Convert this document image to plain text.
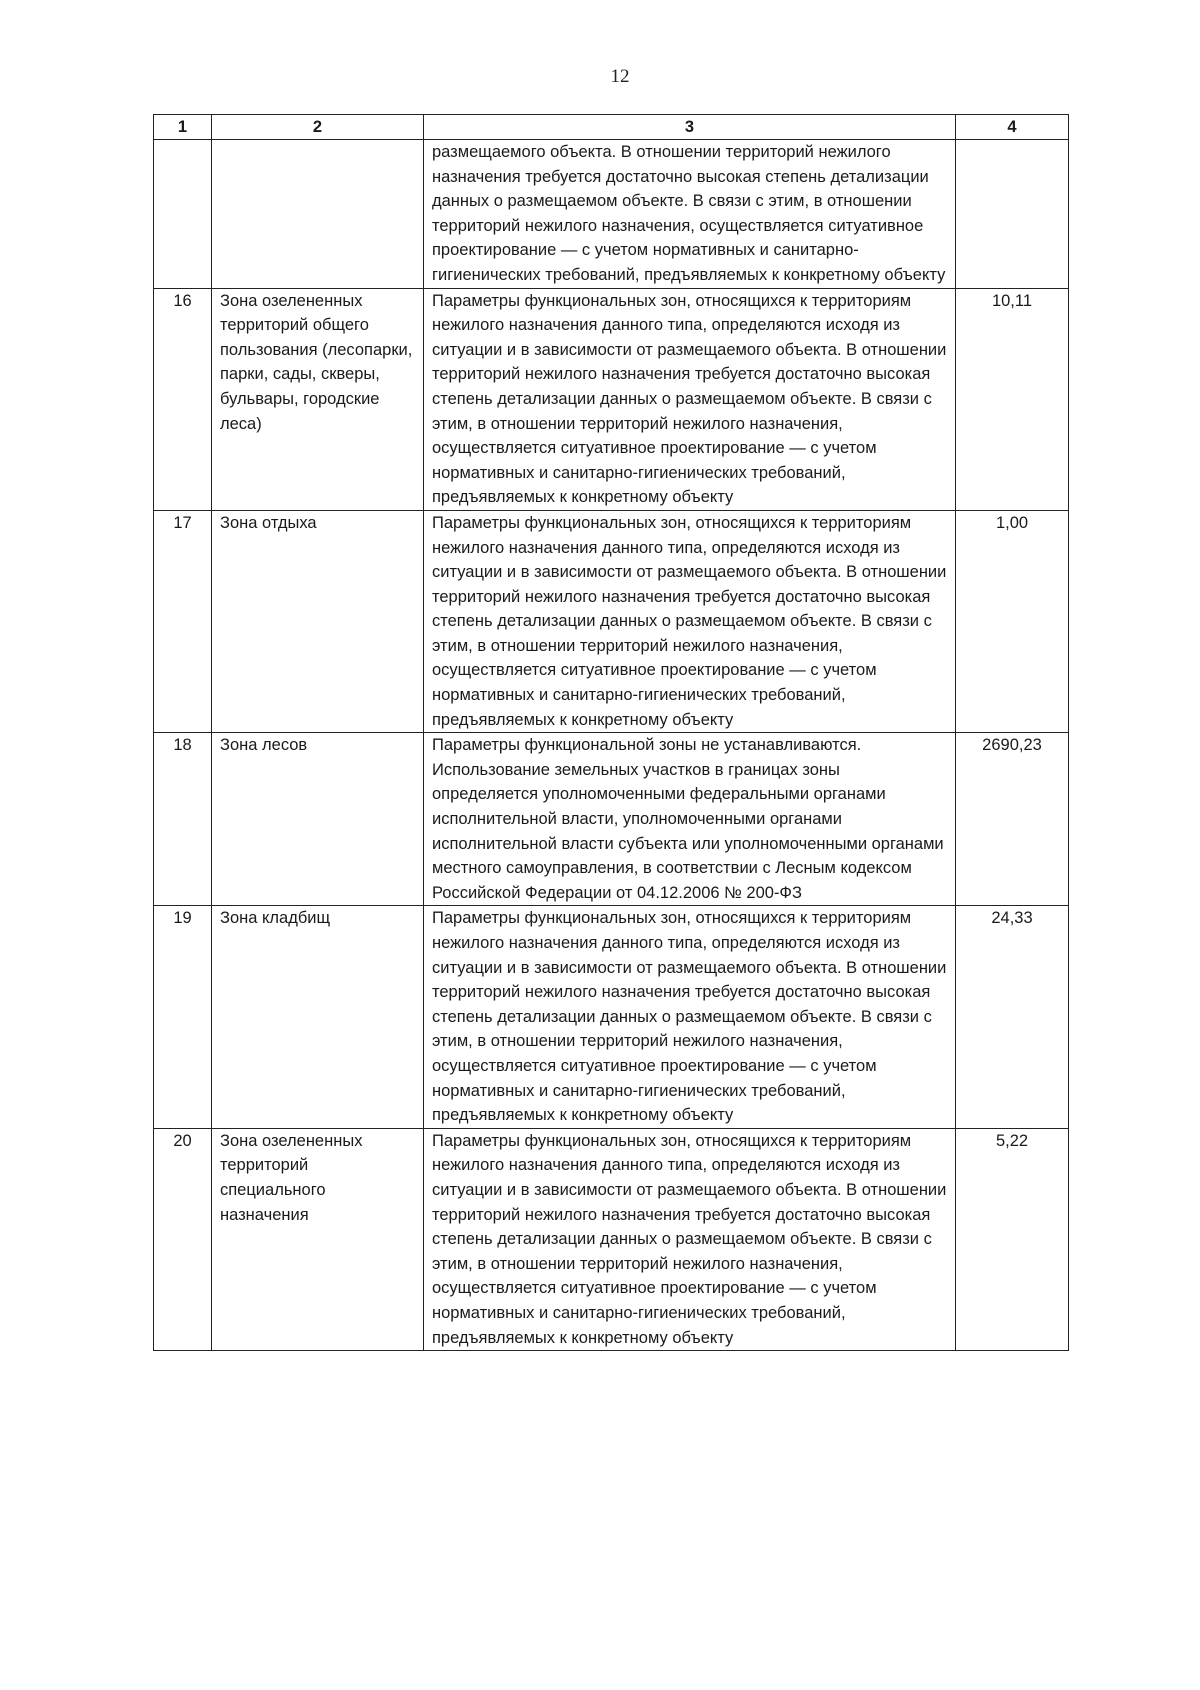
12
1	2	3	4
		размещаемого объекта. В отношении территорий нежилого назначения требуется достаточно высокая степень детализации данных о размещаемом объекте. В связи с этим, в отношении территорий нежилого назначения, осуществляется ситуативное проектирование — с учетом нормативных и санитарно-гигиенических требований, предъявляемых к конкретному объекту	
16	Зона озелененных территорий общего пользования (лесопарки, парки, сады, скверы, бульвары, городские леса)	Параметры функциональных зон, относящихся к территориям нежилого назначения данного типа, определяются исходя из ситуации и в зависимости от размещаемого объекта. В отношении территорий нежилого назначения требуется достаточно высокая степень детализации данных о размещаемом объекте. В связи с этим, в отношении территорий нежилого назначения, осуществляется ситуативное проектирование — с учетом нормативных и санитарно-гигиенических требований, предъявляемых к конкретному объекту	10,11
17	Зона отдыха	Параметры функциональных зон, относящихся к территориям нежилого назначения данного типа, определяются исходя из ситуации и в зависимости от размещаемого объекта. В отношении территорий нежилого назначения требуется достаточно высокая степень детализации данных о размещаемом объекте. В связи с этим, в отношении территорий нежилого назначения, осуществляется ситуативное проектирование — с учетом нормативных и санитарно-гигиенических требований, предъявляемых к конкретному объекту	1,00
18	Зона лесов	Параметры функциональной зоны не устанавливаются. Использование земельных участков в границах зоны определяется уполномоченными федеральными органами исполнительной власти, уполномоченными органами исполнительной власти субъекта или уполномоченными органами местного самоуправления, в соответствии с Лесным кодексом Российской Федерации от 04.12.2006 № 200-ФЗ	2690,23
19	Зона кладбищ	Параметры функциональных зон, относящихся к территориям нежилого назначения данного типа, определяются исходя из ситуации и в зависимости от размещаемого объекта. В отношении территорий нежилого назначения требуется достаточно высокая степень детализации данных о размещаемом объекте. В связи с этим, в отношении территорий нежилого назначения, осуществляется ситуативное проектирование — с учетом нормативных и санитарно-гигиенических требований, предъявляемых к конкретному объекту	24,33
20	Зона озелененных территорий специального назначения	Параметры функциональных зон, относящихся к территориям нежилого назначения данного типа, определяются исходя из ситуации и в зависимости от размещаемого объекта. В отношении территорий нежилого назначения требуется достаточно высокая степень детализации данных о размещаемом объекте. В связи с этим, в отношении территорий нежилого назначения, осуществляется ситуативное проектирование — с учетом нормативных и санитарно-гигиенических требований, предъявляемых к конкретному объекту	5,22
